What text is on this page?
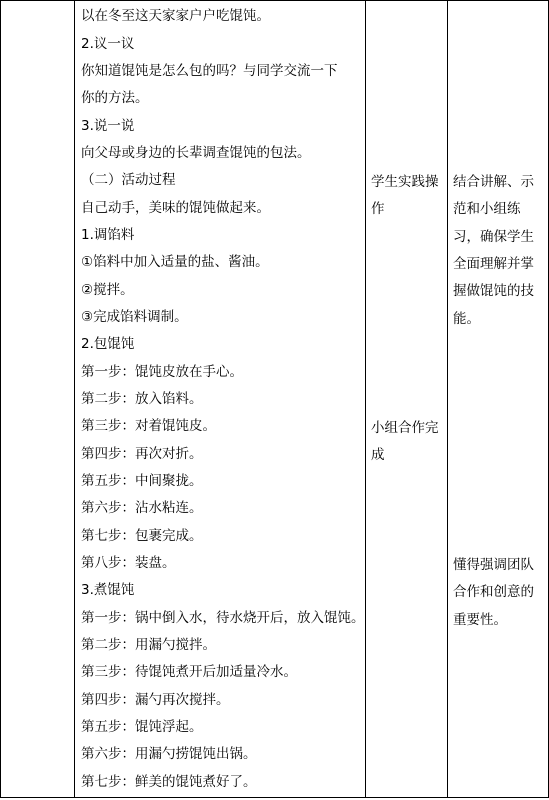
以在冬至这天家家户户吃馄饨。
2.议一议
你知道馄饨是怎么包的吗？与同学交流一下
你的方法。
3.说一说
向父母或身边的长辈调查馄饨的包法。
（二）活动过程
自己动手，美味的馄饨做起来。
1.调馅料
①馅料中加入适量的盐、酱油。
②搅拌。
③完成馅料调制。
2.包馄饨
第一步：馄饨皮放在手心。
第二步：放入馅料。
第三步：对着馄饨皮。
第四步：再次对折。
第五步：中间聚拢。
第六步：沾水粘连。
第七步：包裹完成。
第八步：装盘。
3.煮馄饨
第一步：锅中倒入水，待水烧开后，放入馄饨。
第二步：用漏勺搅拌。
第三步：待馄饨煮开后加适量冷水。
第四步：漏勺再次搅拌。
第五步：馄饨浮起。
第六步：用漏勺捞馄饨出锅。
第七步：鲜美的馄饨煮好了。
学生实践操
作
小组合作完
成
结合讲解、示
范和小组练
习，确保学生
全面理解并掌
握做馄饨的技
能。
懂得强调团队
合作和创意的
重要性。
